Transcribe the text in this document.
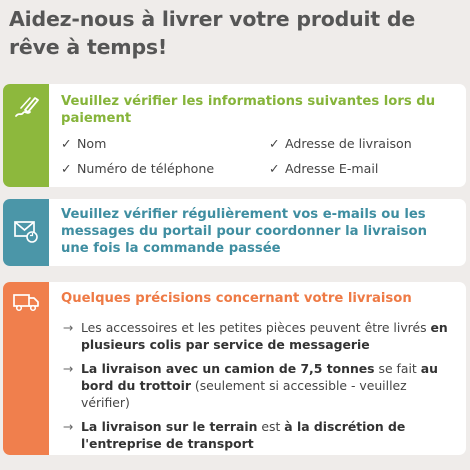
Aidez-nous à livrer votre produit de rêve à temps!
Veuillez vérifier les informations suivantes lors du paiement
✓ Nom	✓ Adresse de livraison
✓ Numéro de téléphone	✓ Adresse E-mail
Veuillez vérifier régulièrement vos e-mails ou les messages du portail pour coordonner la livraison une fois la commande passée
Quelques précisions concernant votre livraison
→ Les accessoires et les petites pièces peuvent être livrés en plusieurs colis par service de messagerie
→ La livraison avec un camion de 7,5 tonnes se fait au bord du trottoir (seulement si accessible - veuillez vérifier)
→ La livraison sur le terrain est à la discrétion de l'entreprise de transport
